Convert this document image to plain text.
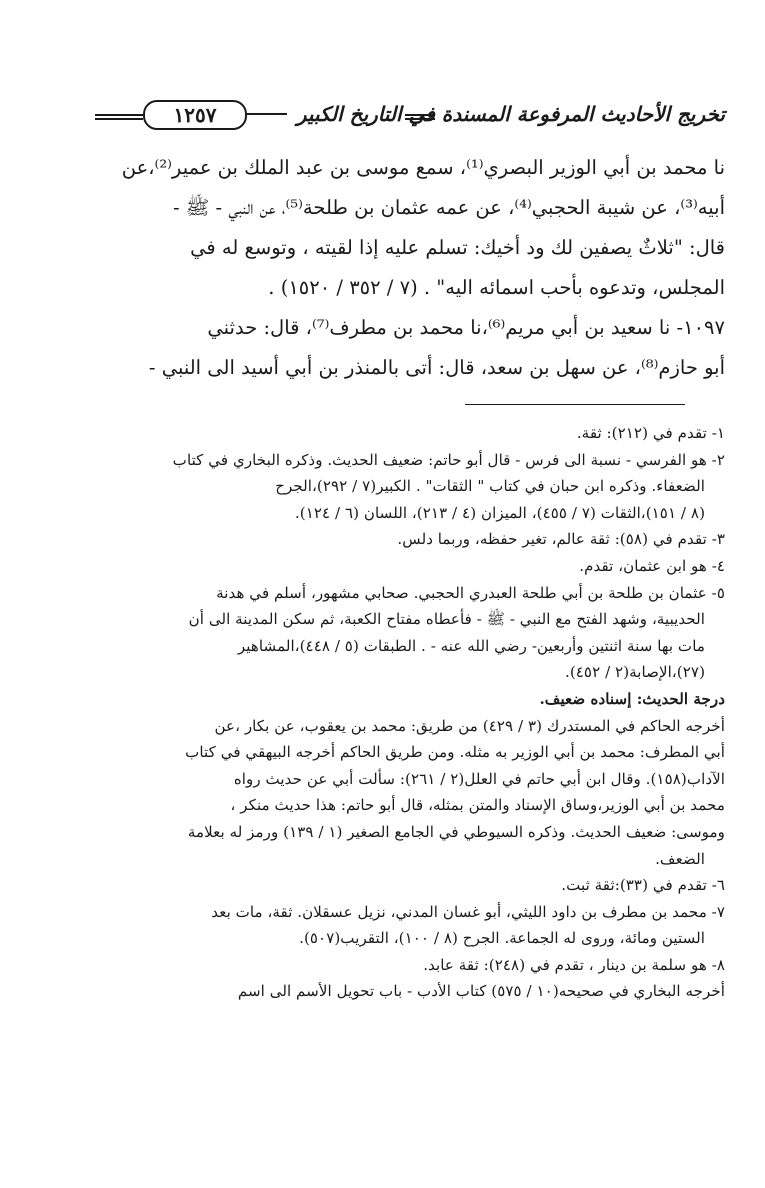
تخريج الأحاديث المرفوعة المسندة في التاريخ الكبير
١٢٥٧

نا محمد بن أبي الوزير البصري⁽¹⁾، سمع موسى بن عبد الملك بن عمير⁽²⁾،عن

أبيه⁽³⁾، عن شيبة الحجبي⁽⁴⁾، عن عمه عثمان بن طلحة⁽⁵⁾، عن النبي - ﷺ -

قال: "ثلاثٌ يصفين لك ود أخيك: تسلم عليه إذا لقيته ، وتوسع له في

المجلس، وتدعوه بأحب اسمائه اليه" . (٧ / ٣٥٢ / ١٥٢٠) .

١٠٩٧- نا سعيد بن أبي مريم⁽⁶⁾،نا محمد بن مطرف⁽⁷⁾، قال: حدثني

أبو حازم⁽⁸⁾، عن سهل بن سعد، قال: أتى بالمنذر بن أبي أسيد الى النبي -

١- تقدم في (٢١٢): ثقة.

٢- هو الفرسي - نسبة الى فرس - قال أبو حاتم: ضعيف الحديث. وذكره البخاري في كتاب

الضعفاء. وذكره ابن حبان في كتاب " الثقات" . الكبير(٧ / ٢٩٢)،الجرح

(٨ / ١٥١)،الثقات (٧ / ٤٥٥)، الميزان (٤ / ٢١٣)، اللسان (٦ / ١٢٤).

٣- تقدم في (٥٨): ثقة عالم، تغير حفظه، وربما دلس.

٤- هو ابن عثمان، تقدم.

٥- عثمان بن طلحة بن أبي طلحة العبدري الحجبي. صحابي مشهور، أسلم في هدنة

الحديبية، وشهد الفتح مع النبي - ﷺ - فأعطاه مفتاح الكعبة، ثم سكن المدينة الى أن

مات بها سنة اثنتين وأربعين- رضي الله عنه - . الطبقات (٥ / ٤٤٨)،المشاهير

(٢٧)،الإصابة(٢ / ٤٥٢).

درجة الحديث: إسناده ضعيف.

أخرجه الحاكم في المستدرك (٣ / ٤٢٩) من طريق: محمد بن يعقوب، عن بكار ،عن

أبي المطرف: محمد بن أبي الوزير به مثله. ومن طريق الحاكم أخرجه البيهقي في كتاب

الآداب(١٥٨). وقال ابن أبي حاتم في العلل(٢ / ٢٦١): سألت أبي عن حديث رواه

محمد بن أبي الوزير،وساق الإسناد والمتن بمثله، قال أبو حاتم: هذا حديث منكر ،

وموسى: ضعيف الحديث. وذكره السيوطي في الجامع الصغير (١ / ١٣٩) ورمز له بعلامة

الضعف.

٦- تقدم في (٣٣):ثقة ثبت.

٧- محمد بن مطرف بن داود الليثي، أبو غسان المدني، نزيل عسقلان. ثقة، مات بعد

الستين ومائة، وروى له الجماعة. الجرح (٨ / ١٠٠)، التقريب(٥٠٧).

٨- هو سلمة بن دينار ، تقدم في (٢٤٨): ثقة عابد.

أخرجه البخاري في صحيحه(١٠ / ٥٧٥) كتاب الأدب - باب تحويل الأسم الى اسم
